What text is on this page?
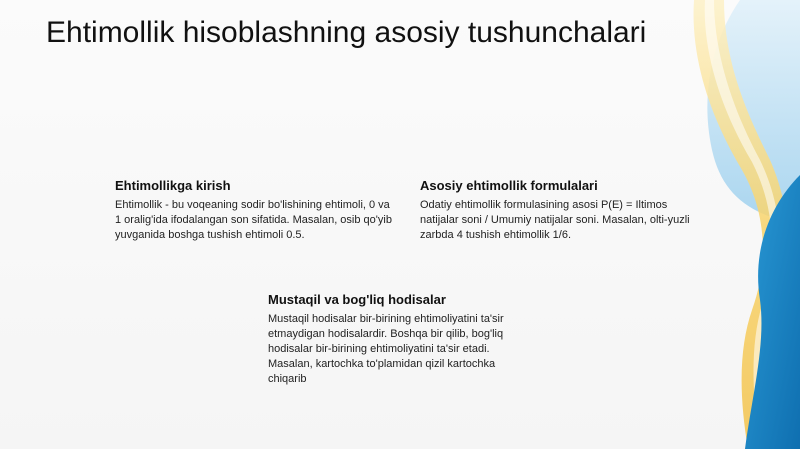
Ehtimollik hisoblashning asosiy tushunchalari
Ehtimollikga kirish

Ehtimollik - bu voqeaning sodir bo'lishining ehtimoli, 0 va 1 oralig'ida ifodalangan son sifatida. Masalan, osib qo'yib yuvganida boshga tushish ehtimoli 0.5.

Asosiy ehtimollik formulalari

Odatiy ehtimollik formulasining asosi P(E) = Iltimos natijalar soni / Umumiy natijalar soni. Masalan, olti-yuzli zarbda 4 tushish ehtimollik 1/6.

Mustaqil va bog'liq hodisalar

Mustaqil hodisalar bir-birining ehtimoliyatini ta'sir etmaydigan hodisalardir. Boshqa bir qilib, bog'liq hodisalar bir-birining ehtimoliyatini ta'sir etadi. Masalan, kartochka to'plamidan qizil kartochka chiqarib
